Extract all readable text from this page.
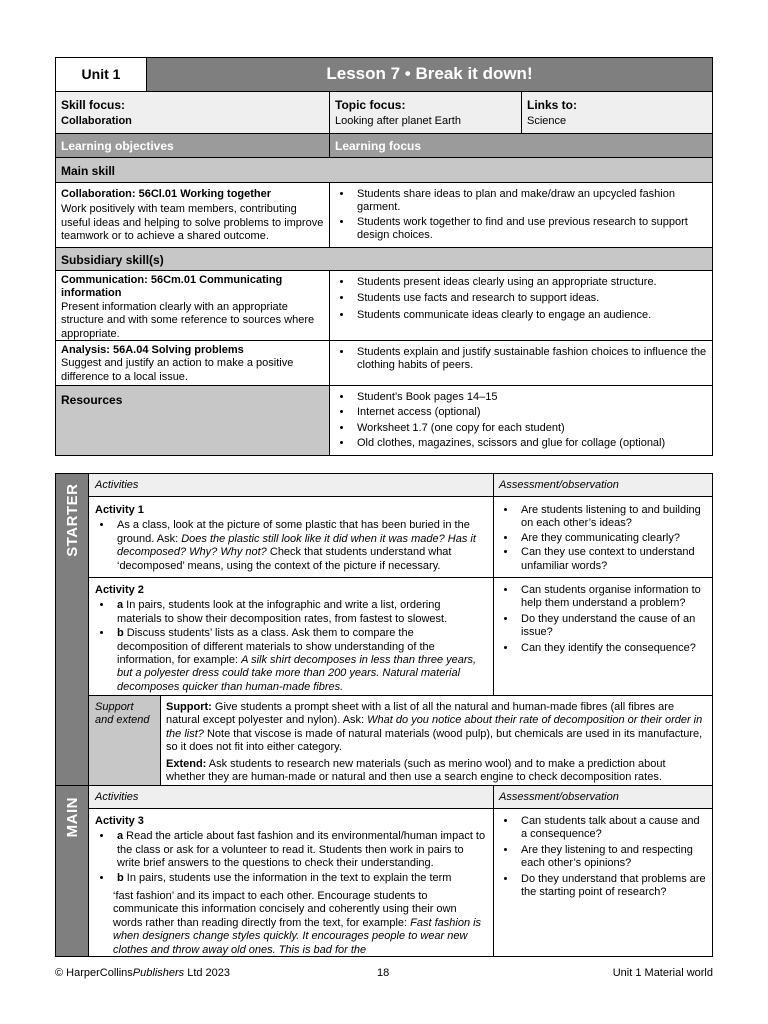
Unit 1	Lesson 7 • Break it down!
Skill focus:
Collaboration
Topic focus:
Looking after planet Earth
Links to:
Science
Learning objectives	Learning focus
Main skill
Collaboration: 56Cl.01 Working together
Work positively with team members, contributing useful ideas and helping to solve problems to improve teamwork or to achieve a shared outcome.
• Students share ideas to plan and make/draw an upcycled fashion garment.
• Students work together to find and use previous research to support design choices.
Subsidiary skill(s)
Communication: 56Cm.01 Communicating information
Present information clearly with an appropriate structure and with some reference to sources where appropriate.
• Students present ideas clearly using an appropriate structure.
• Students use facts and research to support ideas.
• Students communicate ideas clearly to engage an audience.
Analysis: 56A.04 Solving problems
Suggest and justify an action to make a positive difference to a local issue.
• Students explain and justify sustainable fashion choices to influence the clothing habits of peers.
Resources
•	Student’s Book pages 14–15
• Internet access (optional)
• Worksheet 1.7 (one copy for each student)
• Old clothes, magazines, scissors and glue for collage (optional)
STARTER	Activities	Assessment/observation
Activity 1
• As a class, look at the picture of some plastic that has been buried in the ground. Ask: Does the plastic still look like it did when it was made? Has it decomposed? Why? Why not? Check that students understand what ‘decomposed’ means, using the context of the picture if necessary.
• Are students listening to and building on each other’s ideas?
• Are they communicating clearly?
• Can they use context to understand unfamiliar words?
Activity 2
• a In pairs, students look at the infographic and write a list, ordering materials to show their decomposition rates, from fastest to slowest.
• b Discuss students’ lists as a class. Ask them to compare the decomposition of different materials to show understanding of the information, for example: A silk shirt decomposes in less than three years, but a polyester dress could take more than 200 years. Natural material decomposes quicker than human-made fibres.
• Can students organise information to help them understand a problem?
• Do they understand the cause of an issue?
• Can they identify the consequence?
Support and extend

Support: Give students a prompt sheet with a list of all the natural and human-made fibres (all fibres are natural except polyester and nylon). Ask: What do you notice about their rate of decomposition or their order in the list? Note that viscose is made of natural materials (wood pulp), but chemicals are used in its manufacture, so it does not fit into either category.

Extend: Ask students to research new materials (such as merino wool) and to make a prediction about whether they are human-made or natural and then use a search engine to check decomposition rates.

MAIN	Activities	Assessment/observation
Activity 3
• a Read the article about fast fashion and its environmental/human impact to the class or ask for a volunteer to read it. Students then work in pairs to write brief answers to the questions to check their understanding.
• b In pairs, students use the information in the text to explain the term

‘fast fashion’ and its impact to each other. Encourage students to communicate this information concisely and coherently using their own words rather than reading directly from the text, for example: Fast fashion is when designers change styles quickly. It encourages people to wear new clothes and throw away old ones. This is bad for the

• Can students talk about a cause and a consequence?
• Are they listening to and respecting each other’s opinions?
• Do they understand that problems are the starting point of research?
© HarperCollinsPublishers Ltd 2023	18	Unit 1 Material world
